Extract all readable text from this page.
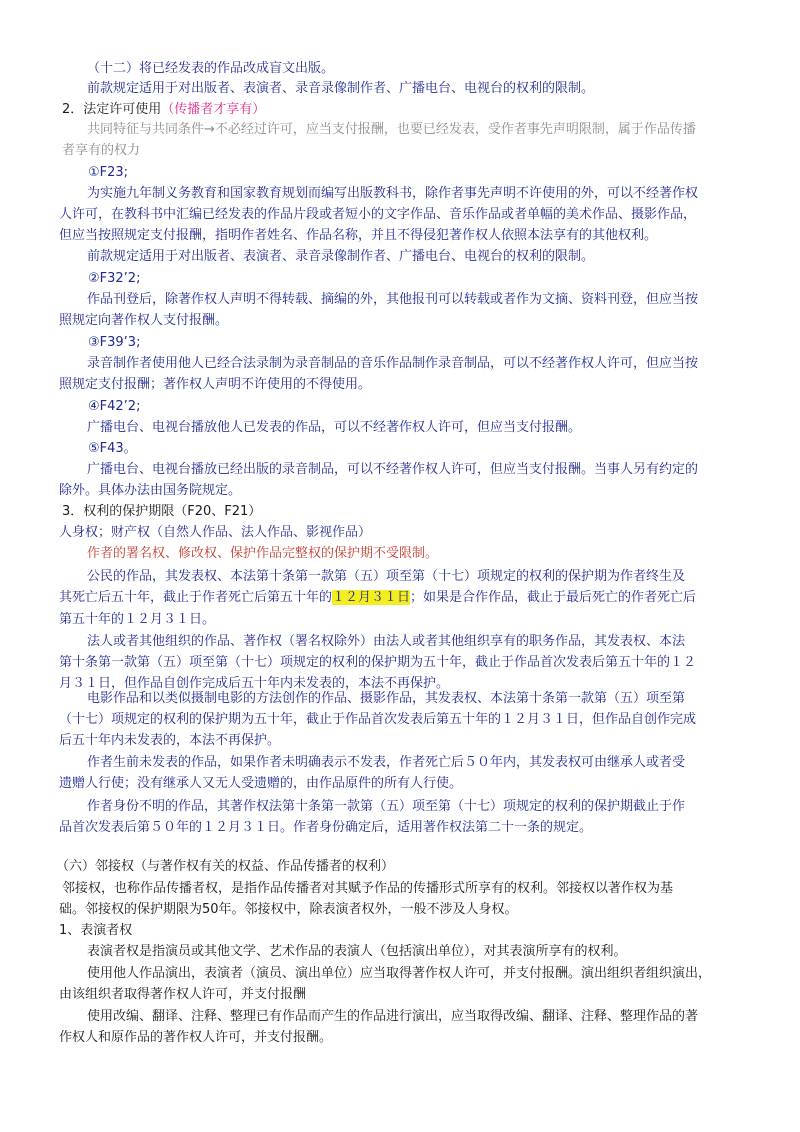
（十二）将已经发表的作品改成盲文出版。
前款规定适用于对出版者、表演者、录音录像制作者、广播电台、电视台的权利的限制。
2．法定许可使用（传播者才享有）
共同特征与共同条件→不必经过许可，应当支付报酬，也要已经发表，受作者事先声明限制，属于作品传播
者享有的权力
①F23;
为实施九年制义务教育和国家教育规划而编写出版教科书，除作者事先声明不许使用的外，可以不经著作权
人许可，在教科书中汇编已经发表的作品片段或者短小的文字作品、音乐作品或者单幅的美术作品、摄影作品，
但应当按照规定支付报酬，指明作者姓名、作品名称，并且不得侵犯著作权人依照本法享有的其他权利。
前款规定适用于对出版者、表演者、录音录像制作者、广播电台、电视台的权利的限制。
②F32’2;
作品刊登后，除著作权人声明不得转载、摘编的外，其他报刊可以转载或者作为文摘、资料刊登，但应当按
照规定向著作权人支付报酬。
③F39’3;
录音制作者使用他人已经合法录制为录音制品的音乐作品制作录音制品，可以不经著作权人许可，但应当按
照规定支付报酬；著作权人声明不许使用的不得使用。
④F42’2;
广播电台、电视台播放他人已发表的作品，可以不经著作权人许可，但应当支付报酬。
⑤F43。
广播电台、电视台播放已经出版的录音制品，可以不经著作权人许可，但应当支付报酬。当事人另有约定的
除外。具体办法由国务院规定。
3．权利的保护期限（F20、F21）
人身权；财产权（自然人作品、法人作品、影视作品）
作者的署名权、修改权、保护作品完整权的保护期不受限制。
公民的作品，其发表权、本法第十条第一款第（五）项至第（十七）项规定的权利的保护期为作者终生及
其死亡后五十年，截止于作者死亡后第五十年的１２月３１日；如果是合作作品，截止于最后死亡的作者死亡后
第五十年的１２月３１日。
法人或者其他组织的作品、著作权（署名权除外）由法人或者其他组织享有的职务作品，其发表权、本法
第十条第一款第（五）项至第（十七）项规定的权利的保护期为五十年，截止于作品首次发表后第五十年的１２
月３１日，但作品自创作完成后五十年内未发表的，本法不再保护。
电影作品和以类似摄制电影的方法创作的作品、摄影作品，其发表权、本法第十条第一款第（五）项至第
（十七）项规定的权利的保护期为五十年，截止于作品首次发表后第五十年的１２月３１日，但作品自创作完成
后五十年内未发表的，本法不再保护。
作者生前未发表的作品，如果作者未明确表示不发表，作者死亡后５０年内，其发表权可由继承人或者受
遗赠人行使；没有继承人又无人受遗赠的，由作品原件的所有人行使。
作者身份不明的作品，其著作权法第十条第一款第（五）项至第（十七）项规定的权利的保护期截止于作
品首次发表后第５０年的１２月３１日。作者身份确定后，适用著作权法第二十一条的规定。
（六）邻接权（与著作权有关的权益、作品传播者的权利）
邻接权，也称作品传播者权，是指作品传播者对其赋予作品的传播形式所享有的权利。邻接权以著作权为基
础。邻接权的保护期限为50年。邻接权中，除表演者权外，一般不涉及人身权。
1、表演者权
表演者权是指演员或其他文学、艺术作品的表演人（包括演出单位），对其表演所享有的权利。
使用他人作品演出，表演者（演员、演出单位）应当取得著作权人许可，并支付报酬。演出组织者组织演出，
由该组织者取得著作权人许可，并支付报酬
使用改编、翻译、注释、整理已有作品而产生的作品进行演出，应当取得改编、翻译、注释、整理作品的著
作权人和原作品的著作权人许可，并支付报酬。
